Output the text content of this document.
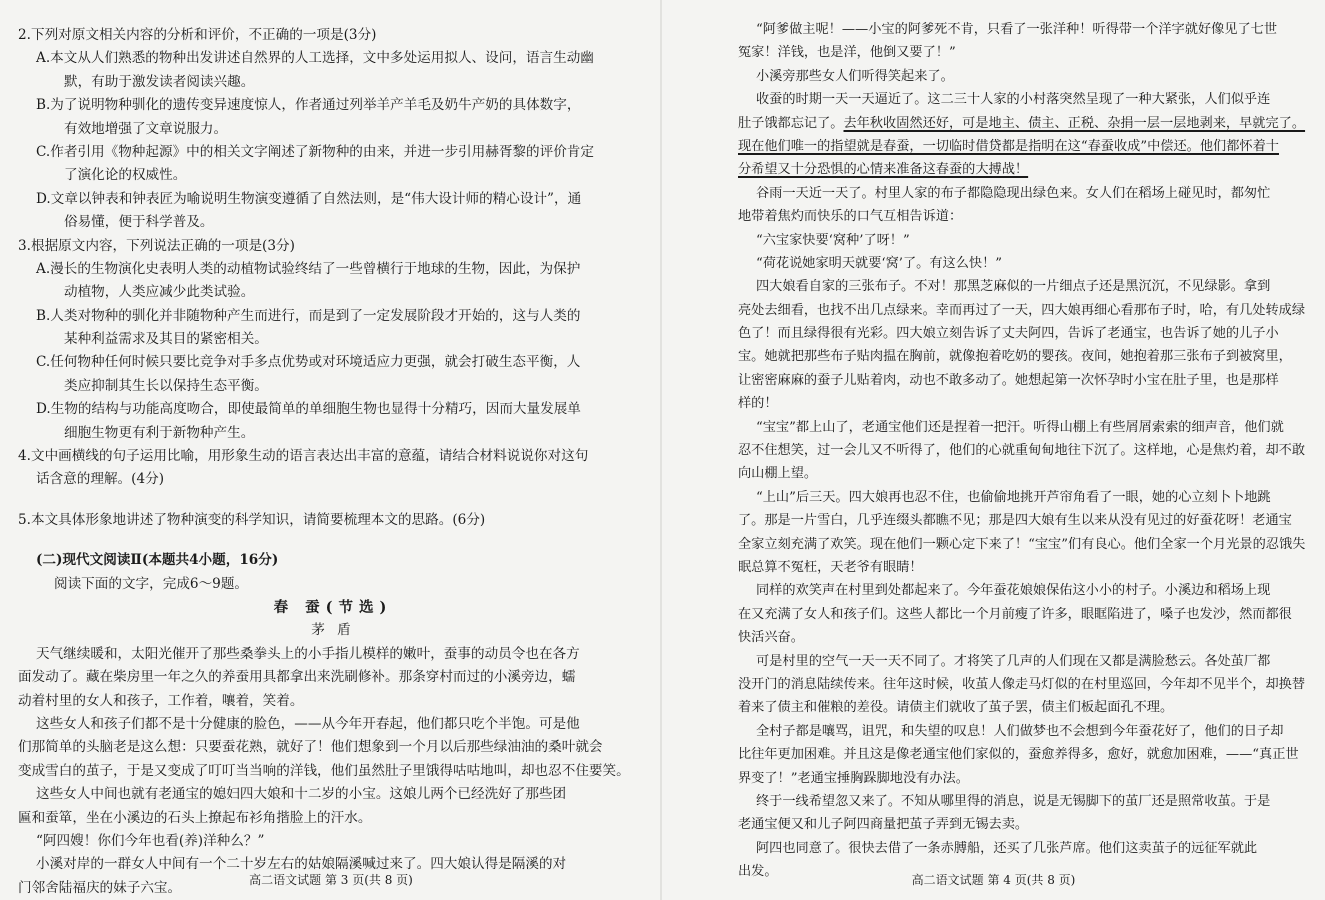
2.下列对原文相关内容的分析和评价，不正确的一项是(3分)
A.本文从人们熟悉的物种出发讲述自然界的人工选择，文中多处运用拟人、设问，语言生动幽
默，有助于激发读者阅读兴趣。
B.为了说明物种驯化的遗传变异速度惊人，作者通过列举羊产羊毛及奶牛产奶的具体数字，
有效地增强了文章说服力。
C.作者引用《物种起源》中的相关文字阐述了新物种的由来，并进一步引用赫胥黎的评价肯定
了演化论的权威性。
D.文章以钟表和钟表匠为喻说明生物演变遵循了自然法则，是“伟大设计师的精心设计”，通
俗易懂，便于科学普及。
3.根据原文内容，下列说法正确的一项是(3分)
A.漫长的生物演化史表明人类的动植物试验终结了一些曾横行于地球的生物，因此，为保护
动植物，人类应减少此类试验。
B.人类对物种的驯化并非随物种产生而进行，而是到了一定发展阶段才开始的，这与人类的
某种利益需求及其目的紧密相关。
C.任何物种任何时候只要比竞争对手多点优势或对环境适应力更强，就会打破生态平衡，人
类应抑制其生长以保持生态平衡。
D.生物的结构与功能高度吻合，即使最简单的单细胞生物也显得十分精巧，因而大量发展单
细胞生物更有利于新物种产生。
4.文中画横线的句子运用比喻，用形象生动的语言表达出丰富的意蕴，请结合材料说说你对这句
话含意的理解。(4分)
5.本文具体形象地讲述了物种演变的科学知识，请简要梳理本文的思路。(6分)
(二)现代文阅读Ⅱ(本题共4小题，16分)
阅读下面的文字，完成6～9题。
春 蚕(节选)
茅 盾
天气继续暖和，太阳光催开了那些桑拳头上的小手指儿模样的嫩叶，蚕事的动员令也在各方
面发动了。藏在柴房里一年之久的养蚕用具都拿出来洗刷修补。那条穿村而过的小溪旁边，蠕
动着村里的女人和孩子，工作着，嚷着，笑着。
这些女人和孩子们都不是十分健康的脸色，——从今年开春起，他们都只吃个半饱。可是他
们那简单的头脑老是这么想：只要蚕花熟，就好了！他们想象到一个月以后那些绿油油的桑叶就会
变成雪白的茧子，于是又变成了叮叮当当响的洋钱，他们虽然肚子里饿得咕咕地叫，却也忍不住要笑。
这些女人中间也就有老通宝的媳妇四大娘和十二岁的小宝。这娘儿两个已经洗好了那些团
匾和蚕箪，坐在小溪边的石头上撩起布衫角揩脸上的汗水。
“阿四嫂！你们今年也看(养)洋种么？”
小溪对岸的一群女人中间有一个二十岁左右的姑娘隔溪喊过来了。四大娘认得是隔溪的对
门邻舍陆福庆的妹子六宝。	高二语文试题 第 3 页(共 8 页)
“阿爹做主呢！——小宝的阿爹死不肯，只看了一张洋种！听得带一个洋字就好像见了七世
冤家！洋钱，也是洋，他倒又要了！”
小溪旁那些女人们听得笑起来了。
收蚕的时期一天一天逼近了。这二三十人家的小村落突然呈现了一种大紧张，人们似乎连
肚子饿都忘记了。去年秋收固然还好，可是地主、债主、正税、杂捐一层一层地剥来，早就完了。
现在他们唯一的指望就是春蚕，一切临时借贷都是指明在这“春蚕收成”中偿还。他们都怀着十
分希望又十分恐惧的心情来准备这春蚕的大搏战！
谷雨一天近一天了。村里人家的布子都隐隐现出绿色来。女人们在稻场上碰见时，都匆忙
地带着焦灼而快乐的口气互相告诉道：
“六宝家快要‘窝种’了呀！”
“荷花说她家明天就要‘窝’了。有这么快！”
四大娘看自家的三张布子。不对！那黑芝麻似的一片细点子还是黑沉沉，不见绿影。拿到
亮处去细看，也找不出几点绿来。幸而再过了一天，四大娘再细心看那布子时，哈，有几处转成绿
色了！而且绿得很有光彩。四大娘立刻告诉了丈夫阿四，告诉了老通宝，也告诉了她的儿子小
宝。她就把那些布子贴肉揾在胸前，就像抱着吃奶的婴孩。夜间，她抱着那三张布子到被窝里，
让密密麻麻的蚕子儿贴着肉，动也不敢多动了。她想起第一次怀孕时小宝在肚子里，也是那样
样的！
“宝宝”都上山了，老通宝他们还是捏着一把汗。听得山棚上有些屑屑索索的细声音，他们就
忍不住想笑，过一会儿又不听得了，他们的心就重甸甸地往下沉了。这样地，心是焦灼着，却不敢
向山棚上望。
“上山”后三天。四大娘再也忍不住，也偷偷地挑开芦帘角看了一眼，她的心立刻卜卜地跳
了。那是一片雪白，几乎连缀头都瞧不见；那是四大娘有生以来从没有见过的好蚕花呀！老通宝
全家立刻充满了欢笑。现在他们一颗心定下来了！“宝宝”们有良心。他们全家一个月光景的忍饿失
眠总算不冤枉，天老爷有眼睛！
同样的欢笑声在村里到处都起来了。今年蚕花娘娘保佑这小小的村子。小溪边和稻场上现
在又充满了女人和孩子们。这些人都比一个月前瘦了许多，眼眶陷进了，嗓子也发沙，然而都很
快活兴奋。
可是村里的空气一天一天不同了。才将笑了几声的人们现在又都是满脸愁云。各处茧厂都
没开门的消息陆续传来。往年这时候，收茧人像走马灯似的在村里巡回，今年却不见半个，却换替
着来了债主和催粮的差役。请债主们就收了茧子罢，债主们板起面孔不理。
全村子都是嚷骂，诅咒，和失望的叹息！人们做梦也不会想到今年蚕花好了，他们的日子却
比往年更加困难。并且这是像老通宝他们家似的，蚕愈养得多，愈好，就愈加困难，——“真正世
界变了！”老通宝捶胸跺脚地没有办法。
终于一线希望忽又来了。不知从哪里得的消息，说是无锡脚下的茧厂还是照常收茧。于是
老通宝便又和儿子阿四商量把茧子弄到无锡去卖。
阿四也同意了。很快去借了一条赤膊船，还买了几张芦席。他们这卖茧子的远征军就此
出发。
高二语文试题 第 4 页(共 8 页)
